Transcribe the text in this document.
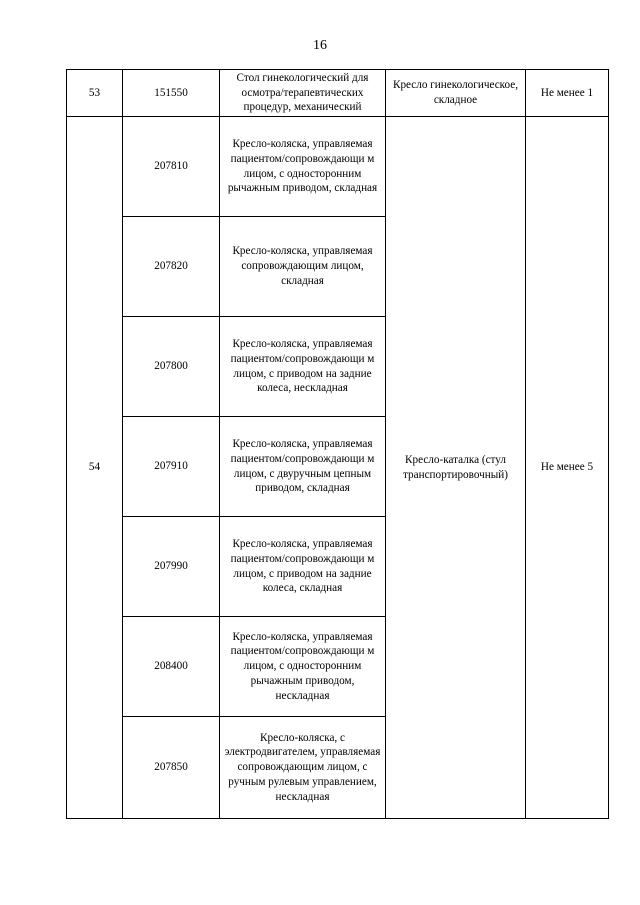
16
53	151550	Стол гинекологический для осмотра/терапевтических процедур, механический	Кресло гинекологическое, складное	Не менее 1
54	207810	Кресло-коляска, управляемая пациентом/сопровождающи м лицом, с односторонним рычажным приводом, складная	Кресло-каталка (стул транспортировочный)	Не менее 5
	207820	Кресло-коляска, управляемая сопровождающим лицом, складная		
	207800	Кресло-коляска, управляемая пациентом/сопровождающи м лицом, с приводом на задние колеса, нескладная		
	207910	Кресло-коляска, управляемая пациентом/сопровождающи м лицом, с двуручным цепным приводом, складная		
	207990	Кресло-коляска, управляемая пациентом/сопровождающи м лицом, с приводом на задние колеса, складная		
	208400	Кресло-коляска, управляемая пациентом/сопровождающи м лицом, с односторонним рычажным приводом, нескладная		
	207850	Кресло-коляска, с электродвигателем, управляемая сопровождающим лицом, с ручным рулевым управлением, нескладная		
